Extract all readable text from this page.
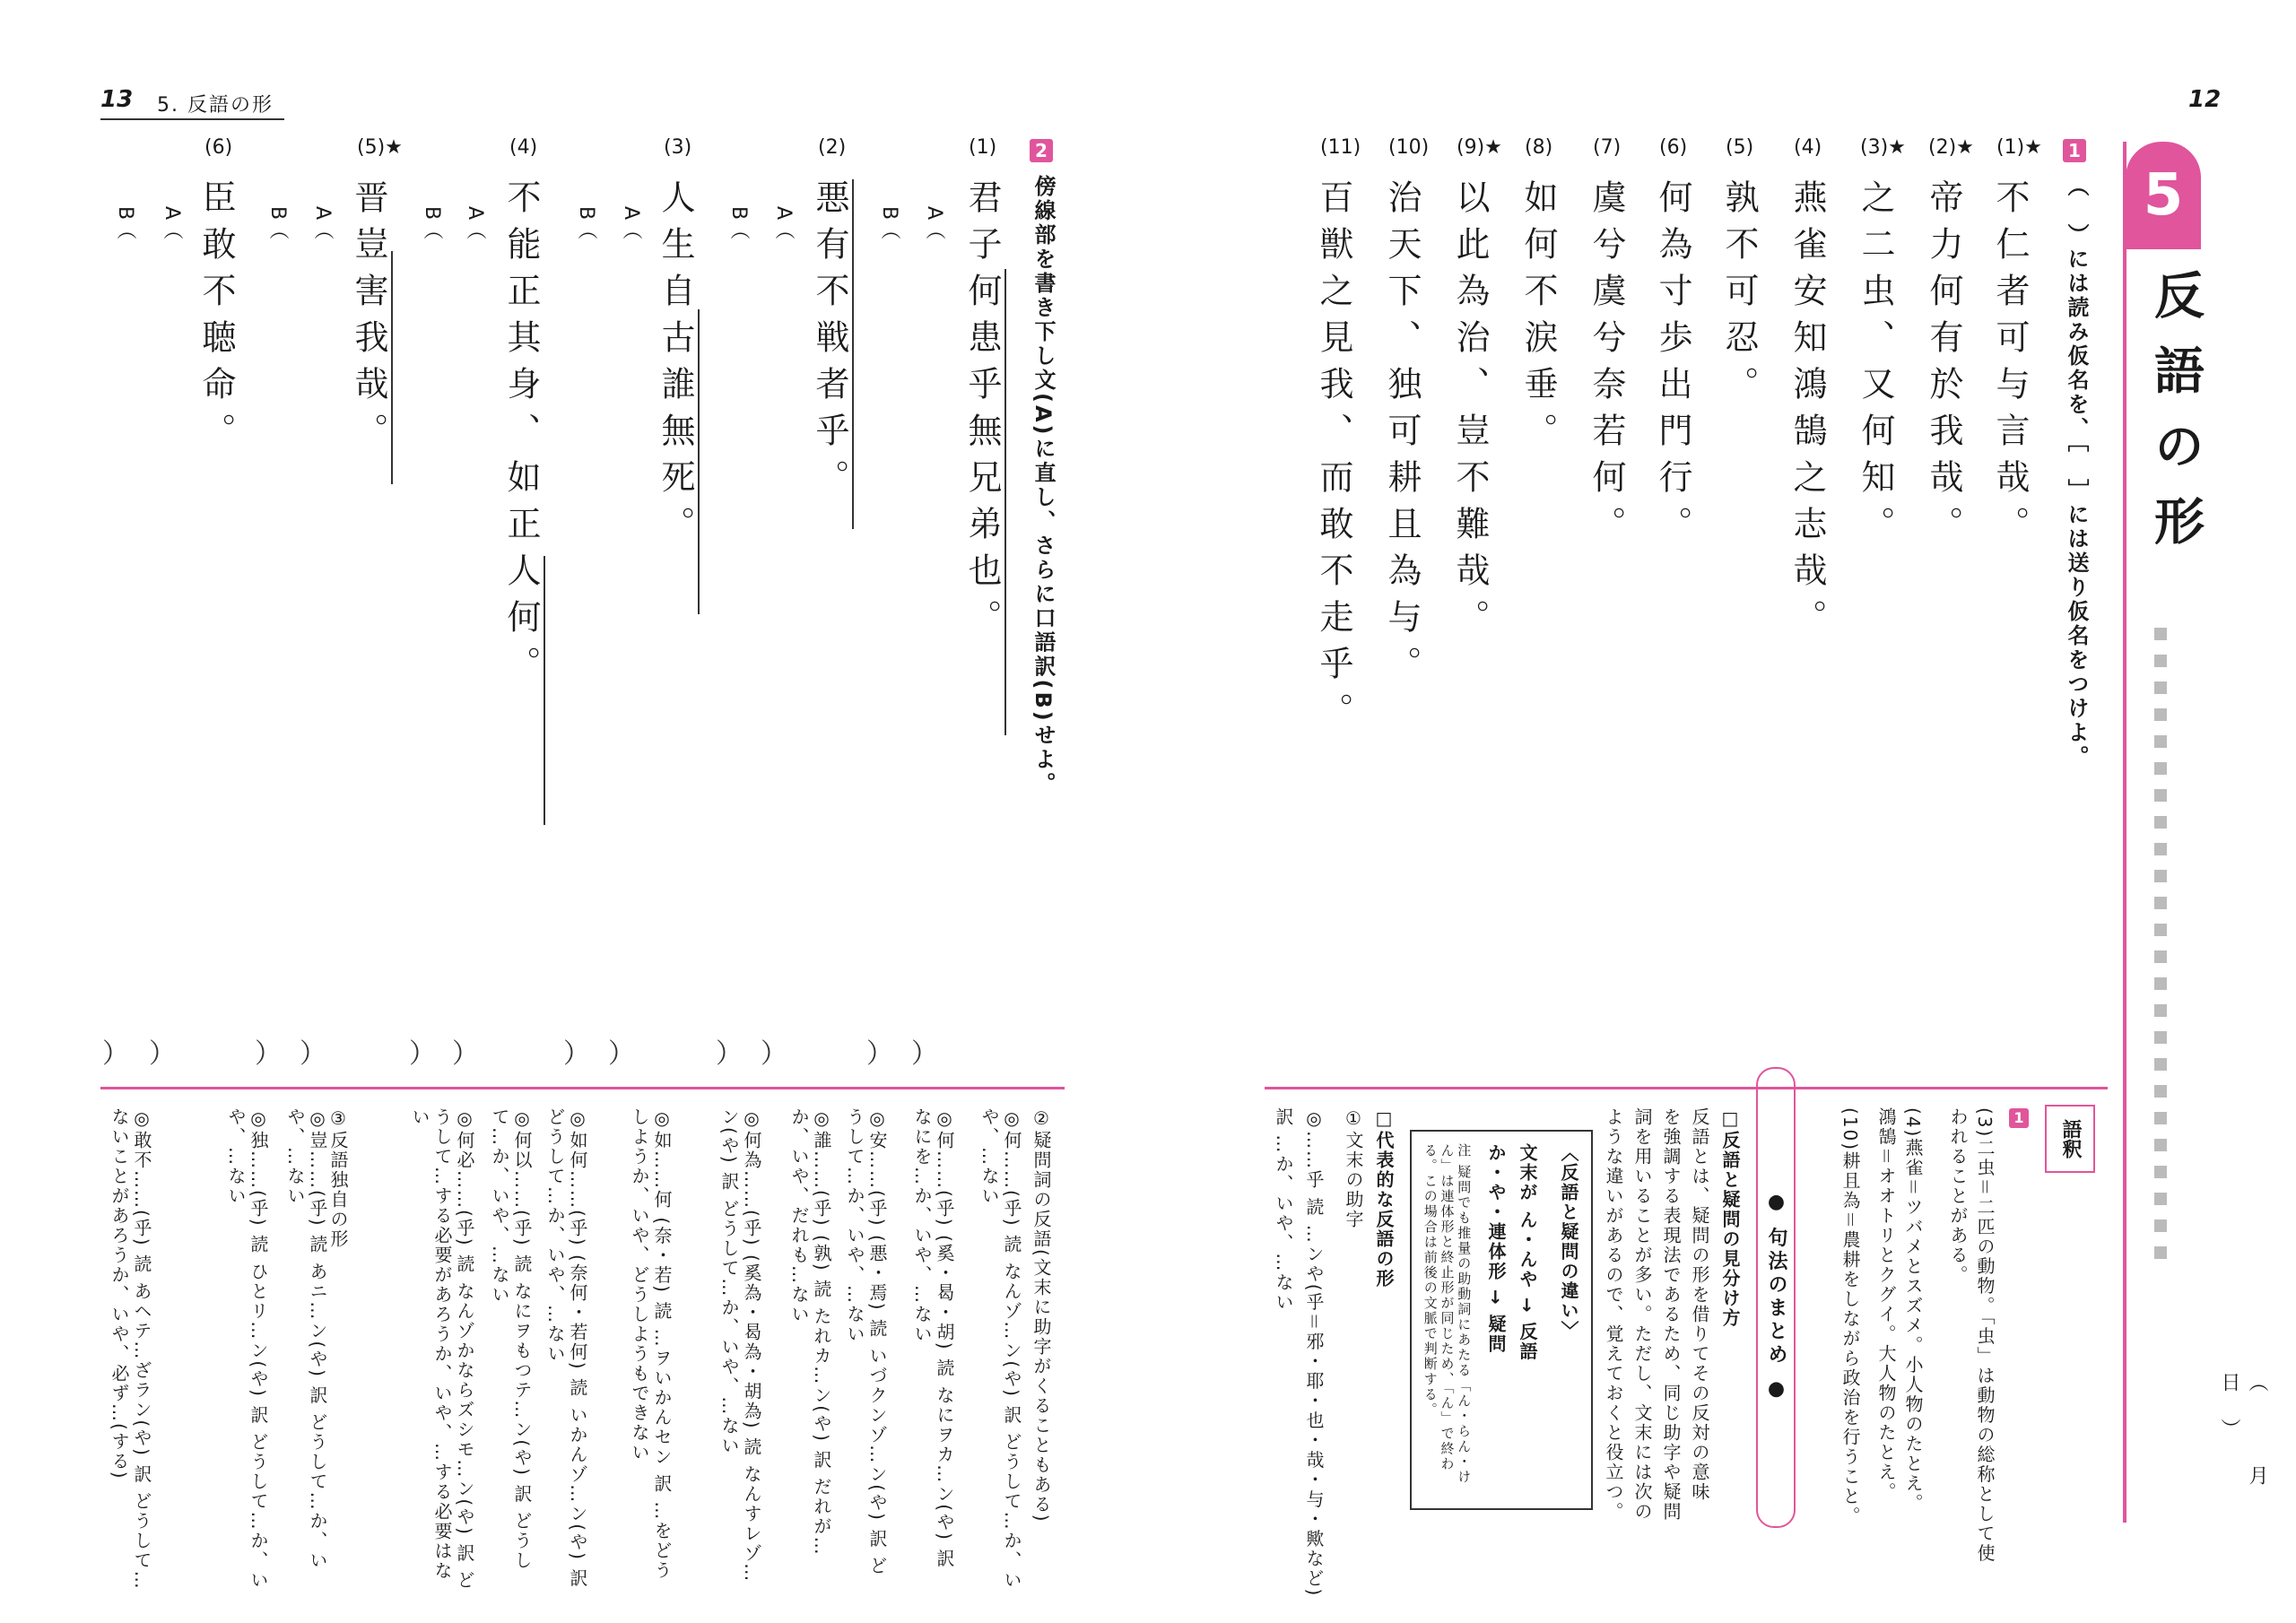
13 5. 反語の形	12
5
反語の形
（　月　日）
1
（　）には読み仮名を、［　］には送り仮名をつけよ。
(1)★
不仁者可与言哉。
(2)★
帝力何有於我哉。
(3)★
之二虫、又何知。
(4)
燕雀安知鴻鵠之志哉。
(5)
孰不可忍。
(6)
何為寸歩出門行。
(7)
虞兮虞兮奈若何。
(8)
如何不涙垂。
(9)★
以此為治、豈不難哉。
(10)
治天下、独可耕且為与。
(11)
百獣之見我、而敢不走乎。
2
傍線部を書き下し文(A)に直し、さらに口語訳(B)せよ。
(1)
君子何患乎無兄弟也。
A（
B（
(2)
悪有不戦者乎。
A（
B（
(3)
人生自古誰無死。
A（
B（
(4)
不能正其身、如正人何。
A（
B（
(5)★
晋豈害我哉。
A（
B（
(6)
臣敢不聴命。
A（
B（
）
）
）
）
）
）
）
）
）
）
）
）
語釈
1
(3)二虫＝二匹の動物。「虫」は動物の総称として使
われることがある。
(4)燕雀＝ツバメとスズメ。小人物のたとえ。
鴻鵠＝オオトリとクグイ。大人物のたとえ。
(10)耕且為＝農耕をしながら政治を行うこと。
● 句法のまとめ ●
□反語と疑問の見分け方
反語とは、疑問の形を借りてその反対の意味
を強調する表現法であるため、同じ助字や疑問
詞を用いることが多い。ただし、文末には次の
ような違いがあるので、覚えておくと役立つ。
〈反語と疑問の違い〉
文末が ん・んや → 反語
か・や・連体形 → 疑問
注 疑問でも推量の助動詞にあたる「ん・らん・けん」は連体形と終止形が同じため、「ん」で終わる。この場合は前後の文脈で判断する。
□代表的な反語の形
①文末の助字
◎……乎 読 …ンや(乎＝邪・耶・也・哉・与・歟など)
訳 …か、いや、…ない
②疑問詞の反語(文末に助字がくることもある)
◎何……(乎) 読 なんゾ…ン(や) 訳 どうして…か、いや、…ない
◎何……(乎) (奚・曷・胡) 読 なにヲカ…ン(や) 訳 なにを…か、いや、…ない
◎安……(乎) (悪・焉) 読 いづクンゾ…ン(や) 訳 どうして…か、いや、…ない
◎誰……(乎) (孰) 読 たれカ…ン(や) 訳 だれが…か、いや、だれも…ない
◎何為……(乎) (奚為・曷為・胡為) 読 なんすレゾ…ン(や) 訳 どうして…か、いや、…ない
◎如……何 (奈・若) 読 …ヲいかんセン 訳 …をどうしようか、いや、どうしようもできない
◎如何……(乎) (奈何・若何) 読 いかんゾ…ン(や) 訳 どうして…か、いや、…ない
◎何以……(乎) 読 なにヲもつテ…ン(や) 訳 どうして…か、いや、…ない
◎何必……(乎) 読 なんゾかならズシモ…ン(や) 訳 どうして…する必要があろうか、いや、…する必要はない
③反語独自の形
◎豈……(乎) 読 あニ…ン(や) 訳 どうして…か、いや、…ない
◎独……(乎) 読 ひとリ…ン(や) 訳 どうして…か、いや、…ない
◎敢不……(乎) 読 あヘテ…ざラン(や) 訳 どうして…ないことがあろうか、いや、必ず…(する)
